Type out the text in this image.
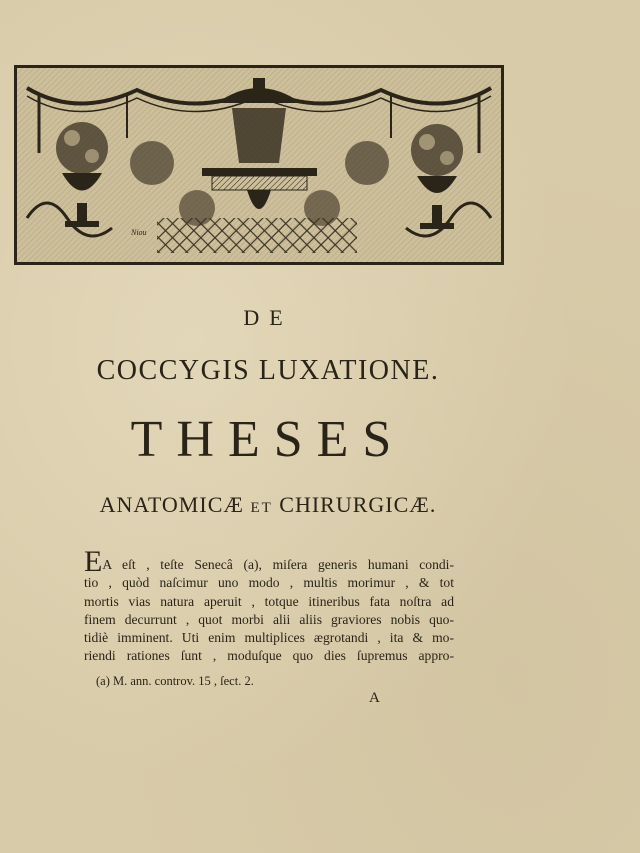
Niou
DE
COCCYGIS LUXATIONE.
THESES
ANATOMICÆ ET CHIRURGICÆ.
EA eſt , teſte Senecâ (a), miſera generis humani condi-
tio , quòd naſcimur uno modo , multis morimur , & tot
mortis vias natura aperuit , totque itineribus fata noſtra ad
finem decurrunt , quot morbi alii aliis graviores nobis quo-
tidiè imminent. Uti enim multiplices ægrotandi , ita & mo-
riendi rationes ſunt , moduſque quo dies ſupremus appro-
(a) M. ann. controv. 15 , ſect. 2.
A
